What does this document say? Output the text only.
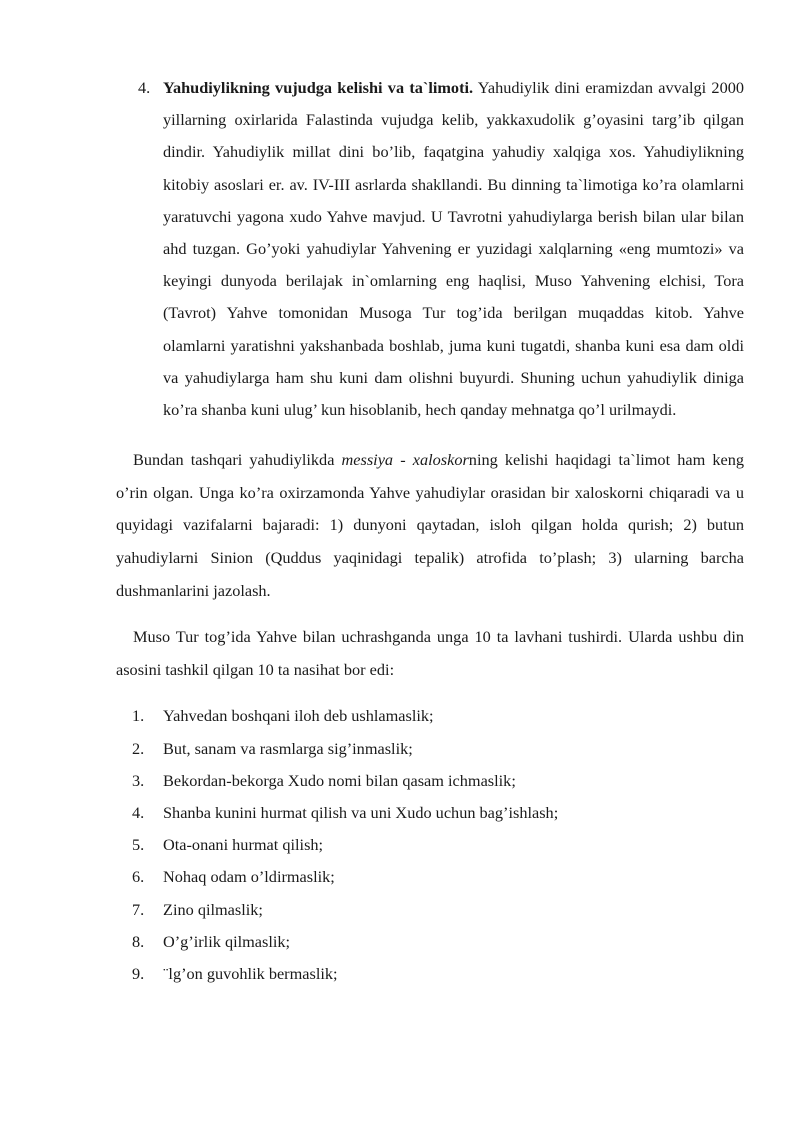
4. Yahudiylikning vujudga kelishi va ta`limoti. Yahudiylik dini eramizdan avvalgi 2000 yillarning oxirlarida Falastinda vujudga kelib, yakkaxudolik g’oyasini targ’ib qilgan dindir. Yahudiylik millat dini bo’lib, faqatgina yahudiy xalqiga xos. Yahudiylikning kitobiy asoslari er. av. IV-III asrlarda shakllandi. Bu dinning ta`limotiga ko’ra olamlarni yaratuvchi yagona xudo Yahve mavjud. U Tavrotni yahudiylarga berish bilan ular bilan ahd tuzgan. Go’yoki yahudiylar Yahvening er yuzidagi xalqlarning «eng mumtozi» va keyingi dunyoda berilajak in`omlarning eng haqlisi, Muso Yahvening elchisi, Tora (Tavrot) Yahve tomonidan Musoga Tur tog’ida berilgan muqaddas kitob. Yahve olamlarni yaratishni yakshanbada boshlab, juma kuni tugatdi, shanba kuni esa dam oldi va yahudiylarga ham shu kuni dam olishni buyurdi. Shuning uchun yahudiylik diniga ko’ra shanba kuni ulug’ kun hisoblanib, hech qanday mehnatga qo’l urilmaydi.

Bundan tashqari yahudiylikda messiya - xaloskorning kelishi haqidagi ta`limot ham keng o’rin olgan. Unga ko’ra oxirzamonda Yahve yahudiylar orasidan bir xaloskorni chiqaradi va u quyidagi vazifalarni bajaradi: 1) dunyoni qaytadan, isloh qilgan holda qurish; 2) butun yahudiylarni Sinion (Quddus yaqinidagi tepalik) atrofida to’plash; 3) ularning barcha dushmanlarini jazolash.

Muso Tur tog’ida Yahve bilan uchrashganda unga 10 ta lavhani tushirdi. Ularda ushbu din asosini tashkil qilgan 10 ta nasihat bor edi:

1. Yahvedan boshqani iloh deb ushlamaslik;
2. But, sanam va rasmlarga sig’inmaslik;
3. Bekordan-bekorga Xudo nomi bilan qasam ichmaslik;
4. Shanba kunini hurmat qilish va uni Xudo uchun bag’ishlash;
5. Ota-onani hurmat qilish;
6. Nohaq odam o’ldirmaslik;
7. Zino qilmaslik;
8. O’g’irlik qilmaslik;
9. ¨lg’on guvohlik bermaslik;
